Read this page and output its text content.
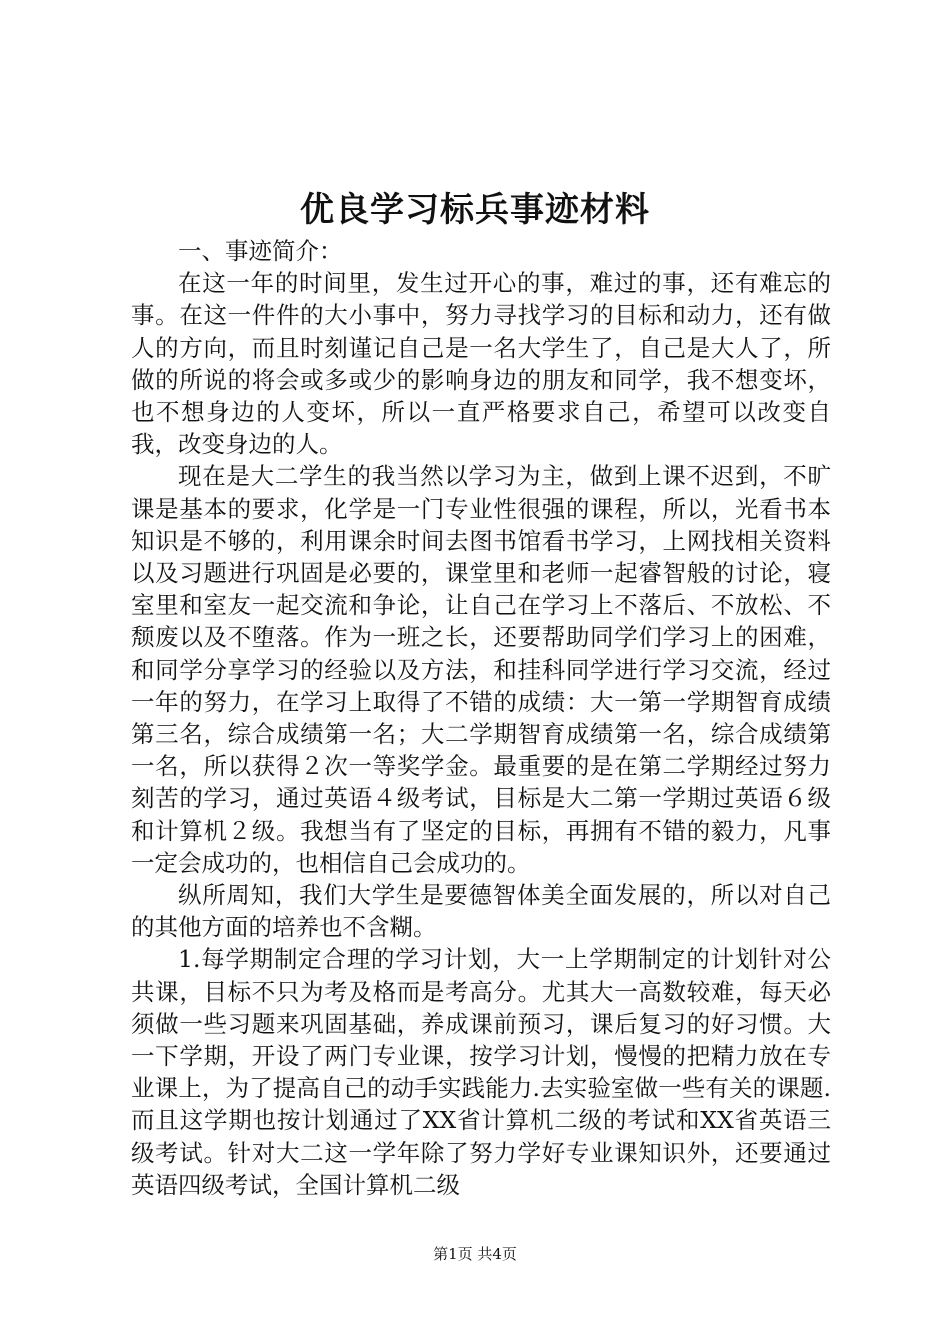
优良学习标兵事迹材料

一、事迹简介：

在这一年的时间里，发生过开心的事，难过的事，还有难忘的事。在这一件件的大小事中，努力寻找学习的目标和动力，还有做人的方向，而且时刻谨记自己是一名大学生了，自己是大人了，所做的所说的将会或多或少的影响身边的朋友和同学，我不想变坏，也不想身边的人变坏，所以一直严格要求自己，希望可以改变自我，改变身边的人。

现在是大二学生的我当然以学习为主，做到上课不迟到，不旷课是基本的要求，化学是一门专业性很强的课程，所以，光看书本知识是不够的，利用课余时间去图书馆看书学习，上网找相关资料以及习题进行巩固是必要的，课堂里和老师一起睿智般的讨论，寝室里和室友一起交流和争论，让自己在学习上不落后、不放松、不颓废以及不堕落。作为一班之长，还要帮助同学们学习上的困难，和同学分享学习的经验以及方法，和挂科同学进行学习交流，经过一年的努力，在学习上取得了不错的成绩：大一第一学期智育成绩第三名，综合成绩第一名；大二学期智育成绩第一名，综合成绩第一名，所以获得２次一等奖学金。最重要的是在第二学期经过努力刻苦的学习，通过英语４级考试，目标是大二第一学期过英语６级和计算机２级。我想当有了坚定的目标，再拥有不错的毅力，凡事一定会成功的，也相信自己会成功的。

纵所周知，我们大学生是要德智体美全面发展的，所以对自己的其他方面的培养也不含糊。

1.每学期制定合理的学习计划，大一上学期制定的计划针对公共课，目标不只为考及格而是考高分。尤其大一高数较难，每天必须做一些习题来巩固基础，养成课前预习，课后复习的好习惯。大一下学期，开设了两门专业课，按学习计划，慢慢的把精力放在专业课上，为了提高自己的动手实践能力.去实验室做一些有关的课题.而且这学期也按计划通过了XX省计算机二级的考试和XX省英语三级考试。针对大二这一学年除了努力学好专业课知识外，还要通过英语四级考试，全国计算机二级

第1页 共4页
